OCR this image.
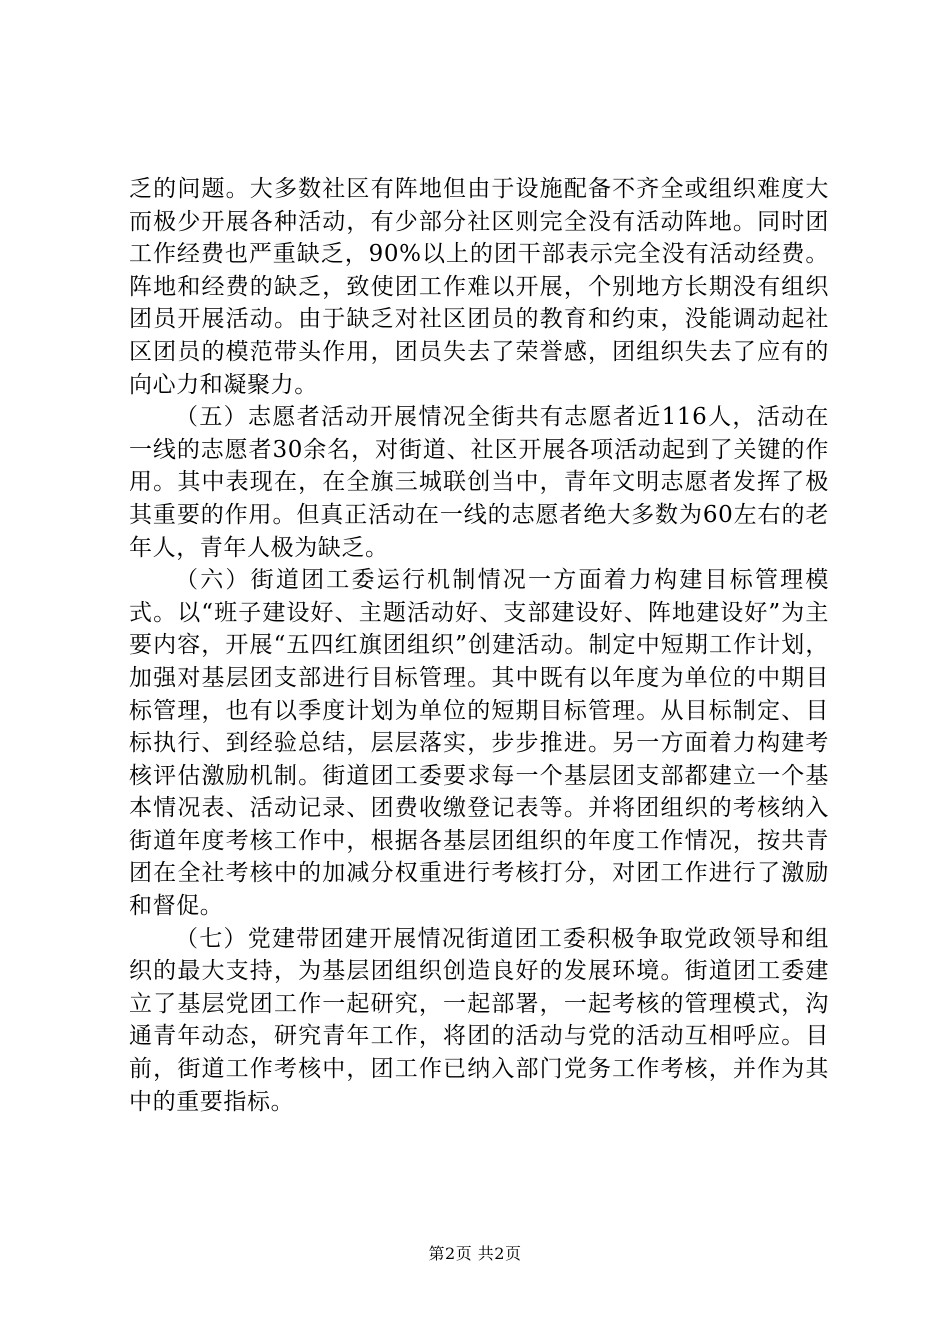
乏的问题。大多数社区有阵地但由于设施配备不齐全或组织难度大而极少开展各种活动，有少部分社区则完全没有活动阵地。同时团工作经费也严重缺乏，90%以上的团干部表示完全没有活动经费。阵地和经费的缺乏，致使团工作难以开展，个别地方长期没有组织团员开展活动。由于缺乏对社区团员的教育和约束，没能调动起社区团员的模范带头作用，团员失去了荣誉感，团组织失去了应有的向心力和凝聚力。

（五）志愿者活动开展情况全街共有志愿者近116人，活动在一线的志愿者30余名，对街道、社区开展各项活动起到了关键的作用。其中表现在，在全旗三城联创当中，青年文明志愿者发挥了极其重要的作用。但真正活动在一线的志愿者绝大多数为60左右的老年人，青年人极为缺乏。

（六）街道团工委运行机制情况一方面着力构建目标管理模式。以“班子建设好、主题活动好、支部建设好、阵地建设好”为主要内容，开展“五四红旗团组织”创建活动。制定中短期工作计划，加强对基层团支部进行目标管理。其中既有以年度为单位的中期目标管理，也有以季度计划为单位的短期目标管理。从目标制定、目标执行、到经验总结，层层落实，步步推进。另一方面着力构建考核评估激励机制。街道团工委要求每一个基层团支部都建立一个基本情况表、活动记录、团费收缴登记表等。并将团组织的考核纳入街道年度考核工作中，根据各基层团组织的年度工作情况，按共青团在全社考核中的加减分权重进行考核打分，对团工作进行了激励和督促。

（七）党建带团建开展情况街道团工委积极争取党政领导和组织的最大支持，为基层团组织创造良好的发展环境。街道团工委建立了基层党团工作一起研究，一起部署，一起考核的管理模式，沟通青年动态，研究青年工作，将团的活动与党的活动互相呼应。目前，街道工作考核中，团工作已纳入部门党务工作考核，并作为其中的重要指标。

第2页 共2页
